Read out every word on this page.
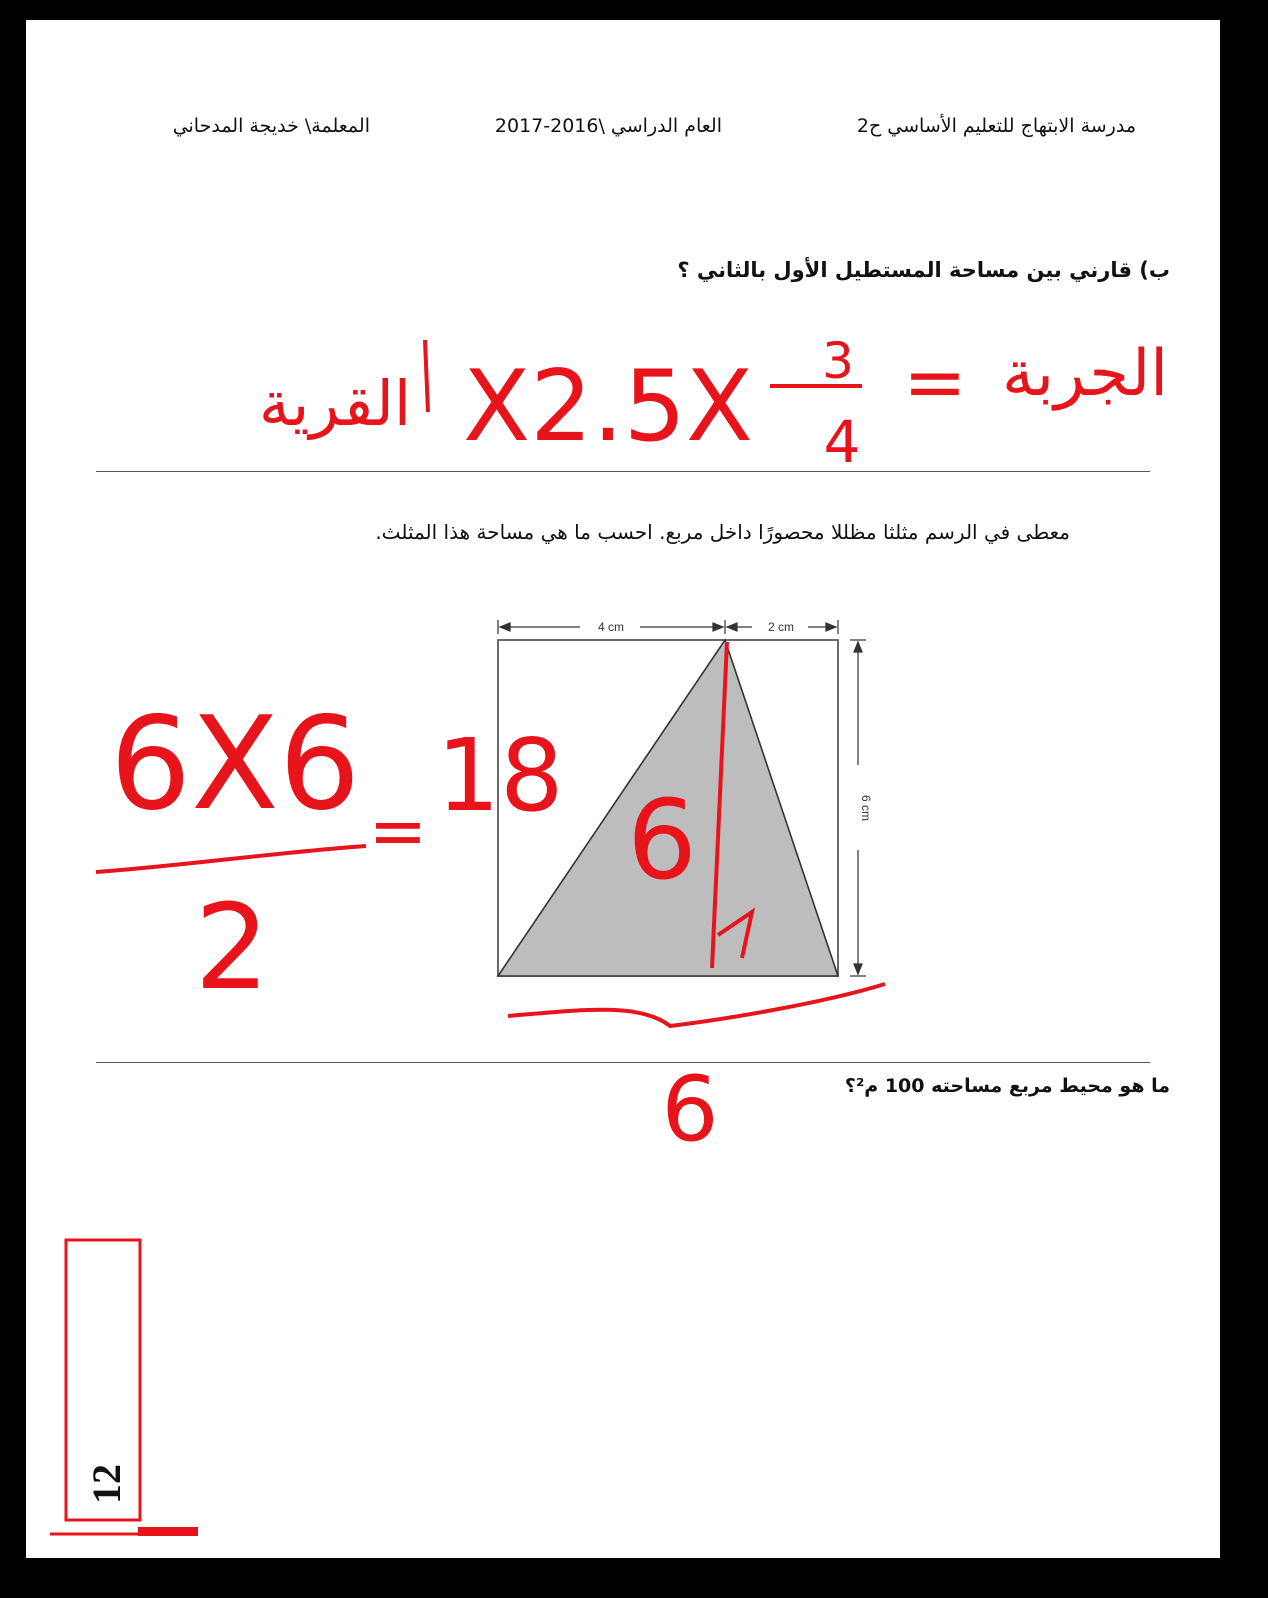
مدرسة الابتهاج للتعليم الأساسي ح2
العام الدراسي \2016-2017
المعلمة\ خديجة المدحاني
ب) قارني بين مساحة المستطيل الأول بالثاني ؟
معطى في الرسم مثلثا مظللا محصورًا داخل مربع. احسب ما هي مساحة هذا المثلث.
ما هو محيط مربع مساحته 100 م²؟
4 cm	2 cm
6 cm
القرية X2.5X 3
4
= الجربة
6X6
2
= 18
6
6
12
